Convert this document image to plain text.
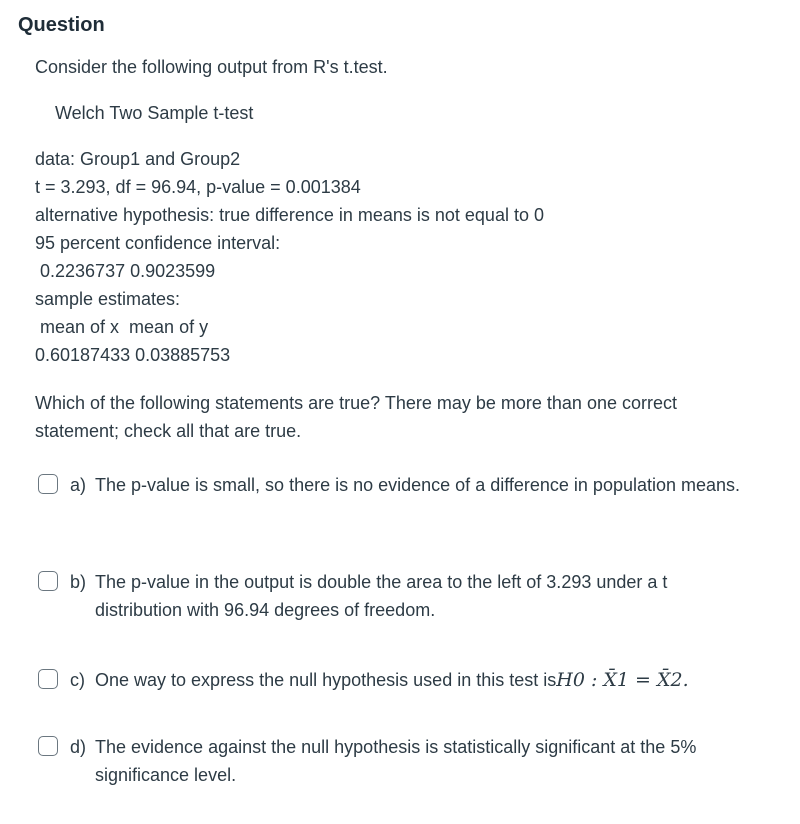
Question
Consider the following output from R's t.test.
Welch Two Sample t-test
data: Group1 and Group2
t = 3.293, df = 96.94, p-value = 0.001384
alternative hypothesis: true difference in means is not equal to 0
95 percent confidence interval:
0.2236737 0.9023599
sample estimates:
mean of x  mean of y
0.60187433 0.03885753
Which of the following statements are true? There may be more than one correct statement; check all that are true.
a) The p-value is small, so there is no evidence of a difference in population means.
b) The p-value in the output is double the area to the left of 3.293 under a t distribution with 96.94 degrees of freedom.
c) One way to express the null hypothesis used in this test isH0 : X̄1 = X̄2.
d) The evidence against the null hypothesis is statistically significant at the 5% significance level.
